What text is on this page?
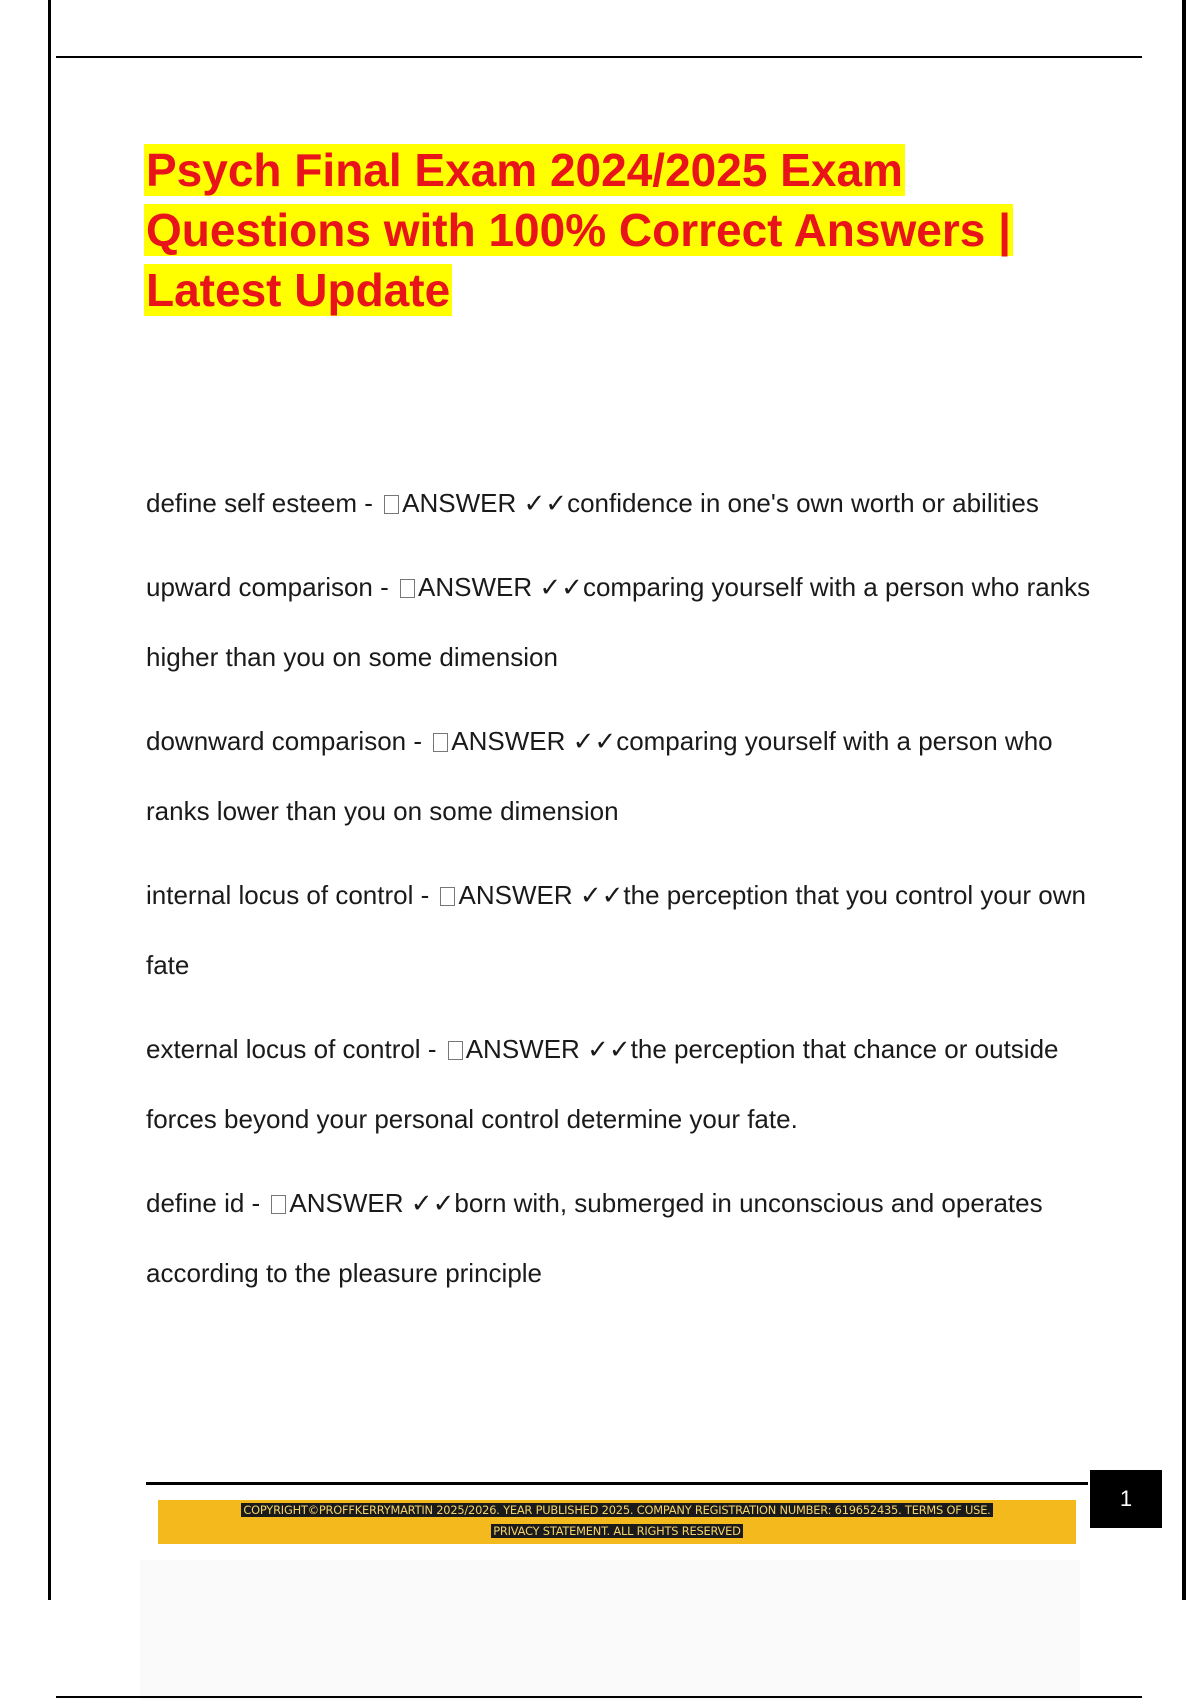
Psych Final Exam 2024/2025 Exam Questions with 100% Correct Answers | Latest Update
define self esteem - ANSWER ✓✓confidence in one's own worth or abilities
upward comparison - ANSWER ✓✓comparing yourself with a person who ranks higher than you on some dimension
downward comparison - ANSWER ✓✓comparing yourself with a person who ranks lower than you on some dimension
internal locus of control - ANSWER ✓✓the perception that you control your own fate
external locus of control - ANSWER ✓✓the perception that chance or outside forces beyond your personal control determine your fate.
define id - ANSWER ✓✓born with, submerged in unconscious and operates according to the pleasure principle
1
COPYRIGHT©PROFFKERRYMARTIN 2025/2026. YEAR PUBLISHED 2025. COMPANY REGISTRATION NUMBER: 619652435. TERMS OF USE.
PRIVACY STATEMENT. ALL RIGHTS RESERVED
